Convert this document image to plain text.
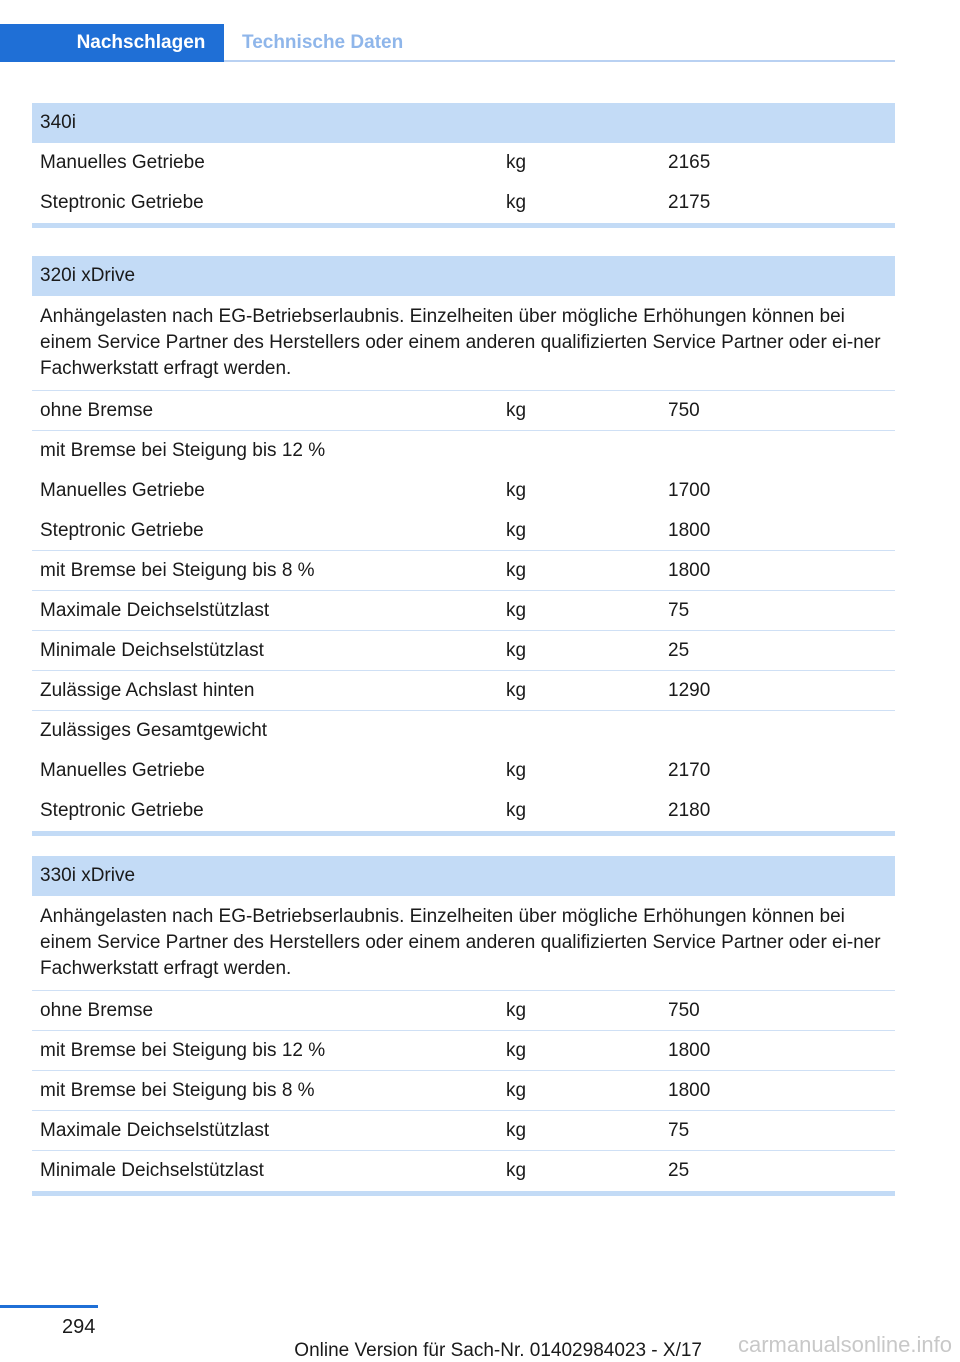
Nachschlagen	Technische Daten
340i
Manuelles Getriebe	kg	2165
Steptronic Getriebe	kg	2175
320i xDrive
Anhängelasten nach EG-Betriebserlaubnis. Einzelheiten über mögliche Erhöhungen können bei einem Service Partner des Herstellers oder einem anderen qualifizierten Service Partner oder ei-ner Fachwerkstatt erfragt werden.
ohne Bremse	kg	750
mit Bremse bei Steigung bis 12 %
Manuelles Getriebe	kg	1700
Steptronic Getriebe	kg	1800
mit Bremse bei Steigung bis 8 %	kg	1800
Maximale Deichselstützlast	kg	75
Minimale Deichselstützlast	kg	25
Zulässige Achslast hinten	kg	1290
Zulässiges Gesamtgewicht
Manuelles Getriebe	kg	2170
Steptronic Getriebe	kg	2180
330i xDrive
Anhängelasten nach EG-Betriebserlaubnis. Einzelheiten über mögliche Erhöhungen können bei einem Service Partner des Herstellers oder einem anderen qualifizierten Service Partner oder ei-ner Fachwerkstatt erfragt werden.
ohne Bremse	kg	750
mit Bremse bei Steigung bis 12 %	kg	1800
mit Bremse bei Steigung bis 8 %	kg	1800
Maximale Deichselstützlast	kg	75
Minimale Deichselstützlast	kg	25
294
Online Version für Sach-Nr. 01402984023 - X/17 carmanualsonline.info
